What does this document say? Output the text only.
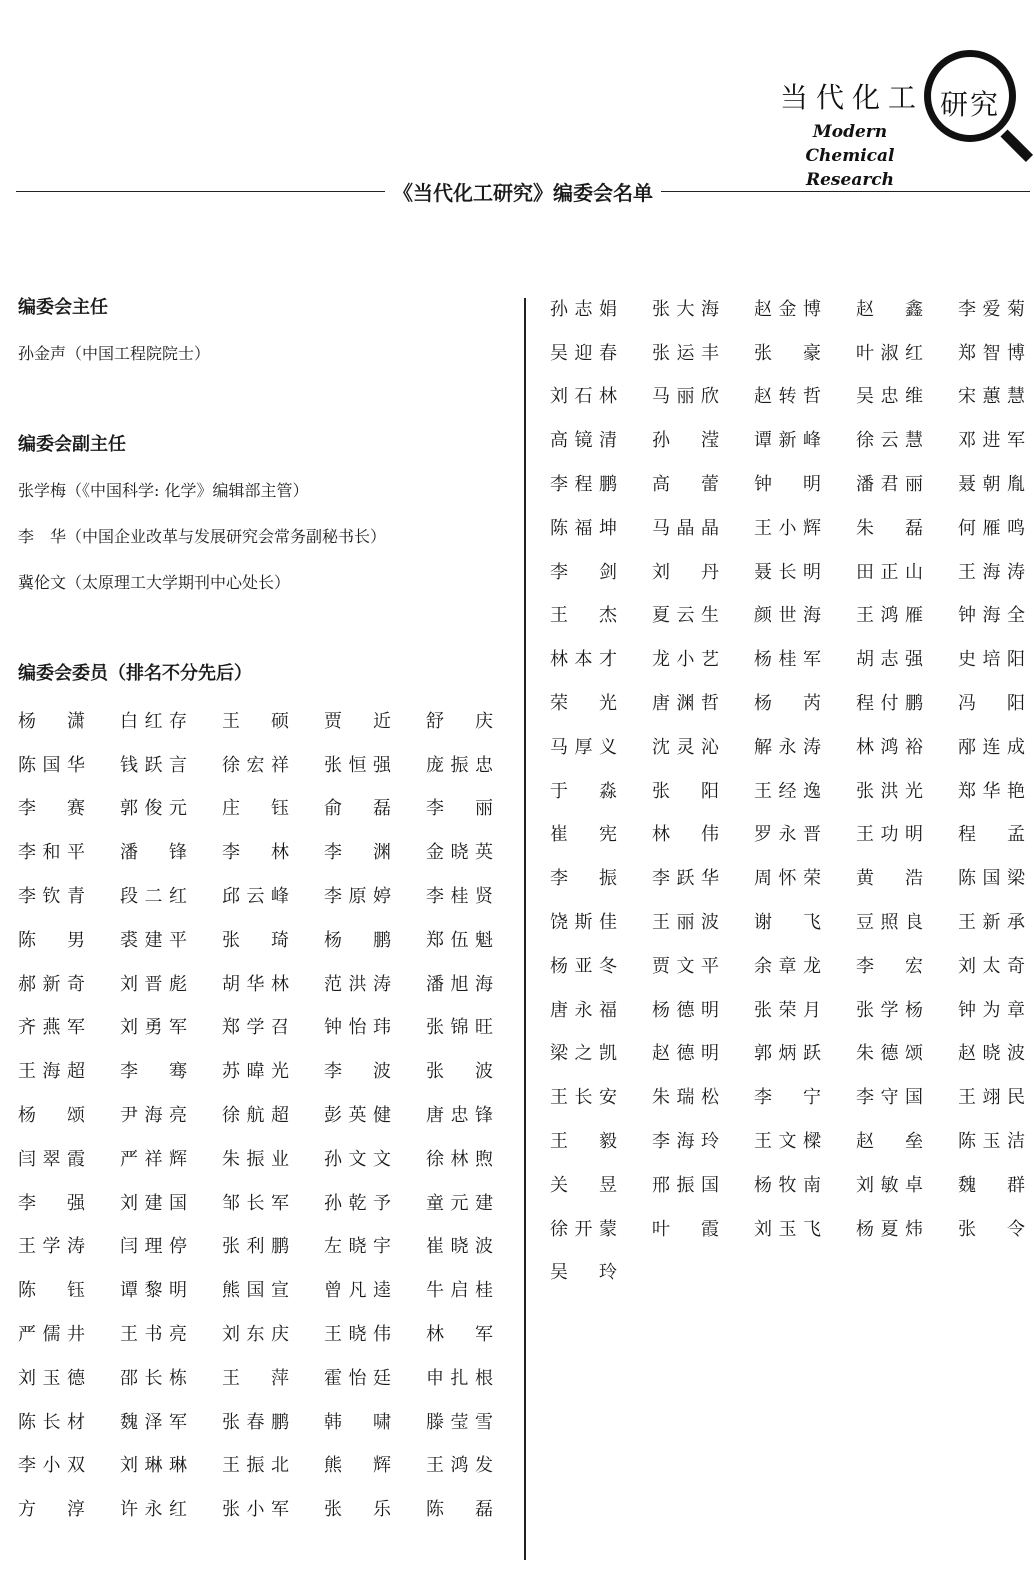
当代化工 研究
Modern Chemical
Research
《当代化工研究》编委会名单

编委会主任

孙金声（中国工程院院士）

编委会副主任

张学梅（《中国科学: 化学》编辑部主管）

李　华（中国企业改革与发展研究会常务副秘书长）

冀伦文（太原理工大学期刊中心处长）

编委会委员（排名不分先后）

杨　潇	白红存	王　硕	贾　近	舒　庆
陈国华	钱跃言	徐宏祥	张恒强	庞振忠
李　赛	郭俊元	庄　钰	俞　磊	李　丽
李和平	潘　锋	李　林	李　渊	金晓英
李钦青	段二红	邱云峰	李原婷	李桂贤
陈　男	裘建平	张　琦	杨　鹏	郑伍魁
郝新奇	刘晋彪	胡华林	范洪涛	潘旭海
齐燕军	刘勇军	郑学召	钟怡玮	张锦旺
王海超	李　骞	苏暐光	李　波	张　波
杨　颂	尹海亮	徐航超	彭英健	唐忠锋
闫翠霞	严祥辉	朱振业	孙文文	徐林煦
李　强	刘建国	邹长军	孙乾予	童元建
王学涛	闫理停	张利鹏	左晓宇	崔晓波
陈　钰	谭黎明	熊国宣	曾凡逵	牛启桂
严儒井	王书亮	刘东庆	王晓伟	林　军
刘玉德	邵长栋	王　萍	霍怡廷	申扎根
陈长材	魏泽军	张春鹏	韩　啸	滕莹雪
李小双	刘琳琳	王振北	熊　辉	王鸿发
方　淳	许永红	张小军	张　乐	陈　磊
孙志娟	张大海	赵金博	赵　鑫	李爱菊
吴迎春	张运丰	张　豪	叶淑红	郑智博
刘石林	马丽欣	赵转哲	吴忠维	宋蕙慧
高镜清	孙　滢	谭新峰	徐云慧	邓进军
李程鹏	高　蕾	钟　明	潘君丽	聂朝胤
陈福坤	马晶晶	王小辉	朱　磊	何雁鸣
李　剑	刘　丹	聂长明	田正山	王海涛
王　杰	夏云生	颜世海	王鸿雁	钟海全
林本才	龙小艺	杨桂军	胡志强	史培阳
荣　光	唐渊哲	杨　芮	程付鹏	冯　阳
马厚义	沈灵沁	解永涛	林鸿裕	邴连成
于　淼	张　阳	王经逸	张洪光	郑华艳
崔　宪	林　伟	罗永晋	王功明	程　孟
李　振	李跃华	周怀荣	黄　浩	陈国梁
饶斯佳	王丽波	谢　飞	豆照良	王新承
杨亚冬	贾文平	余章龙	李　宏	刘太奇
唐永福	杨德明	张荣月	张学杨	钟为章
梁之凯	赵德明	郭炳跃	朱德颂	赵晓波
王长安	朱瑞松	李　宁	李守国	王翊民
王　毅	李海玲	王文樑	赵　垒	陈玉洁
关　昱	邢振国	杨牧南	刘敏卓	魏　群
徐开蒙	叶　霞	刘玉飞	杨夏炜	张　令
吴　玲
